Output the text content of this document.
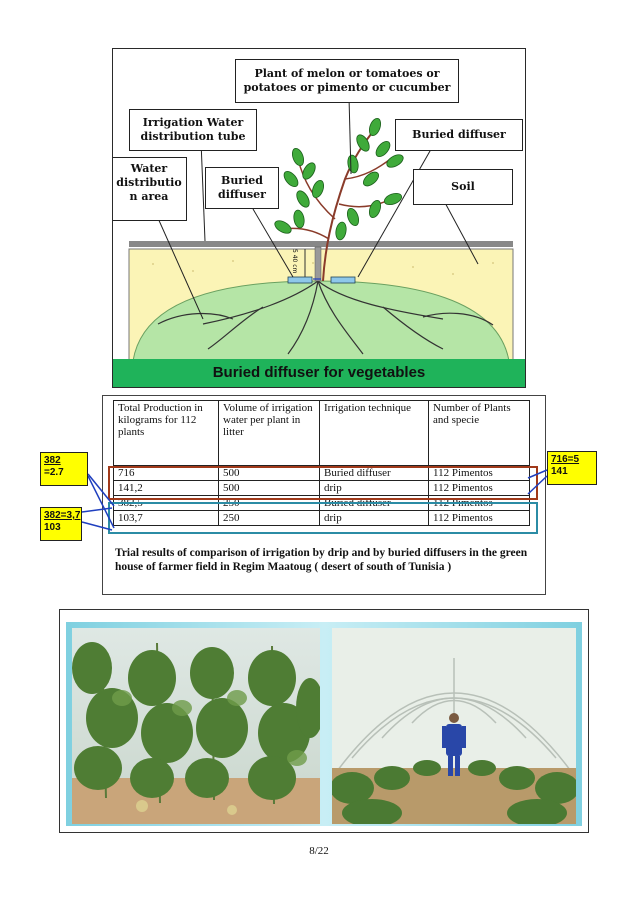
Plant of melon or tomatoes or potatoes or pimento or cucumber
Irrigation Water distribution tube	Buried diffuser
Water distributio n area
Buried diffuser
Soil
5 40 cm
Buried diffuser for vegetables
Total Production in kilograms for 112 plants	Volume of irrigation water per plant in litter	Irrigation technique	Number of Plants and specie
716	500	Buried diffuser	112 Pimentos
141,2	500	drip	112 Pimentos
382,5	250	Buried diffuser	112 Pimentos
103,7	250	drip	112 Pimentos
Trial results of comparison of irrigation by drip and by buried diffusers in the green house of farmer field in Regim Maatoug ( desert of south of Tunisia )
$\frac{382}{=2.7}$
$\frac{382=3,7}{103}$
$\frac{716=5}{141}$
8/22
